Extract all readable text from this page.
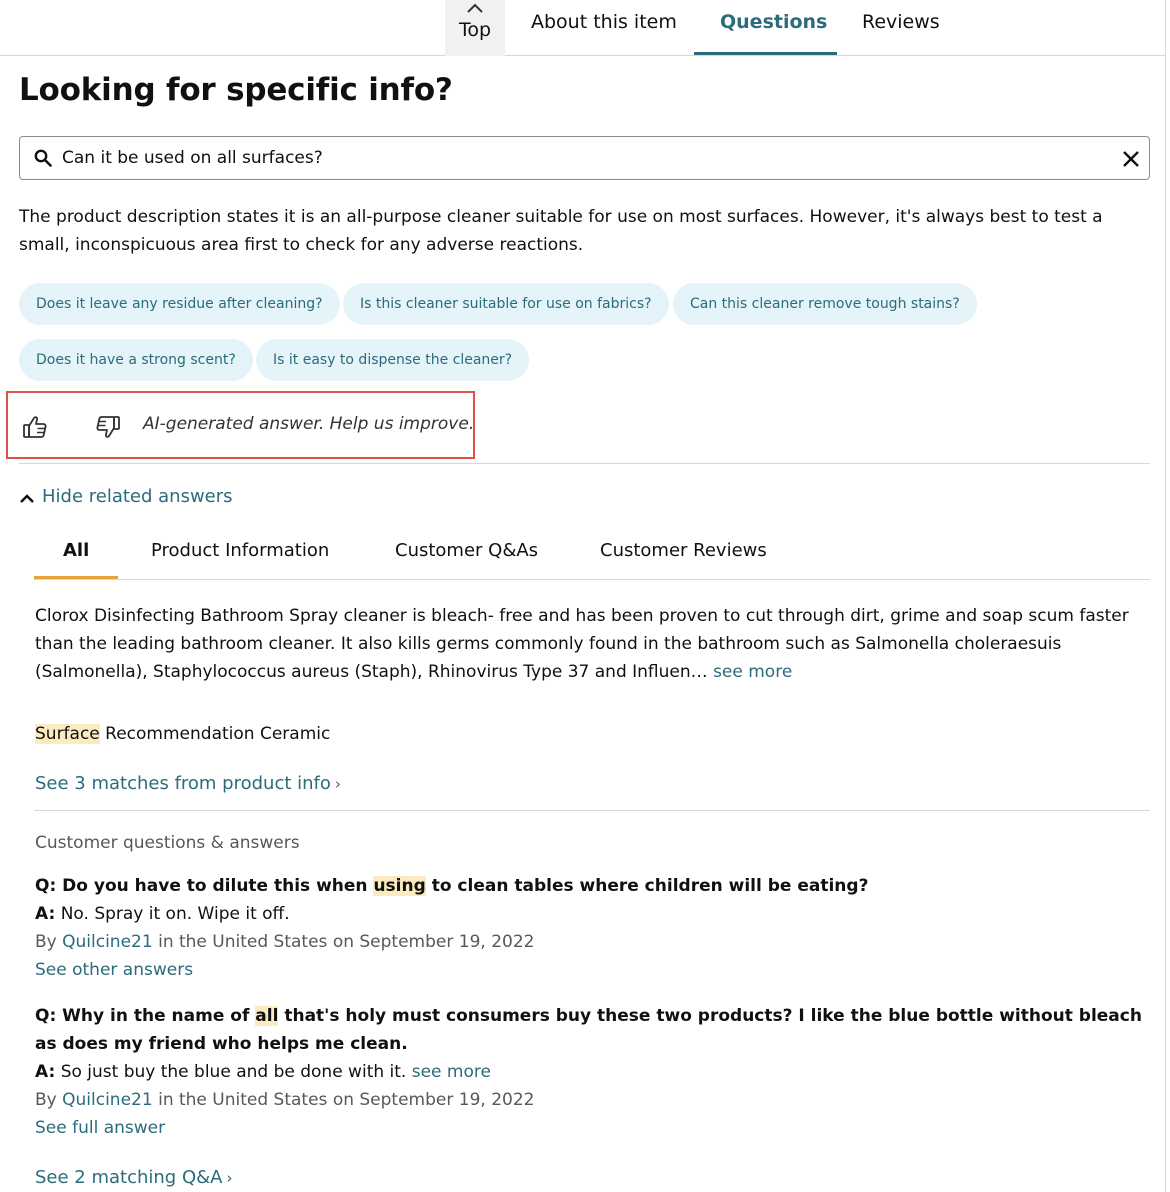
Top	About this item Questions Reviews
Looking for specific info?
Can it be used on all surfaces?

The product description states it is an all-purpose cleaner suitable for use on most surfaces. However, it's always best to test a small, inconspicuous area first to check for any adverse reactions.

Does it leave any residue after cleaning?	Is this cleaner suitable for use on fabrics?	Can this cleaner remove tough stains?
Does it have a strong scent?	Is it easy to dispense the cleaner?
AI-generated answer. Help us improve.
Hide related answers
All	Product Information	Customer Q&As	Customer Reviews

Clorox Disinfecting Bathroom Spray cleaner is bleach- free and has been proven to cut through dirt, grime and soap scum faster than the leading bathroom cleaner. It also kills germs commonly found in the bathroom such as Salmonella choleraesuis (Salmonella), Staphylococcus aureus (Staph), Rhinovirus Type 37 and Influen… see more

Surface Recommendation Ceramic
See 3 matches from product info ›
Customer questions & answers
Q: Do you have to dilute this when using to clean tables where children will be eating?
A: No. Spray it on. Wipe it off.
By Quilcine21 in the United States on September 19, 2022
See other answers
Q: Why in the name of all that's holy must consumers buy these two products? I like the blue bottle without bleach as does my friend who helps me clean.
A: So just buy the blue and be done with it. see more
By Quilcine21 in the United States on September 19, 2022
See full answer
See 2 matching Q&A ›
